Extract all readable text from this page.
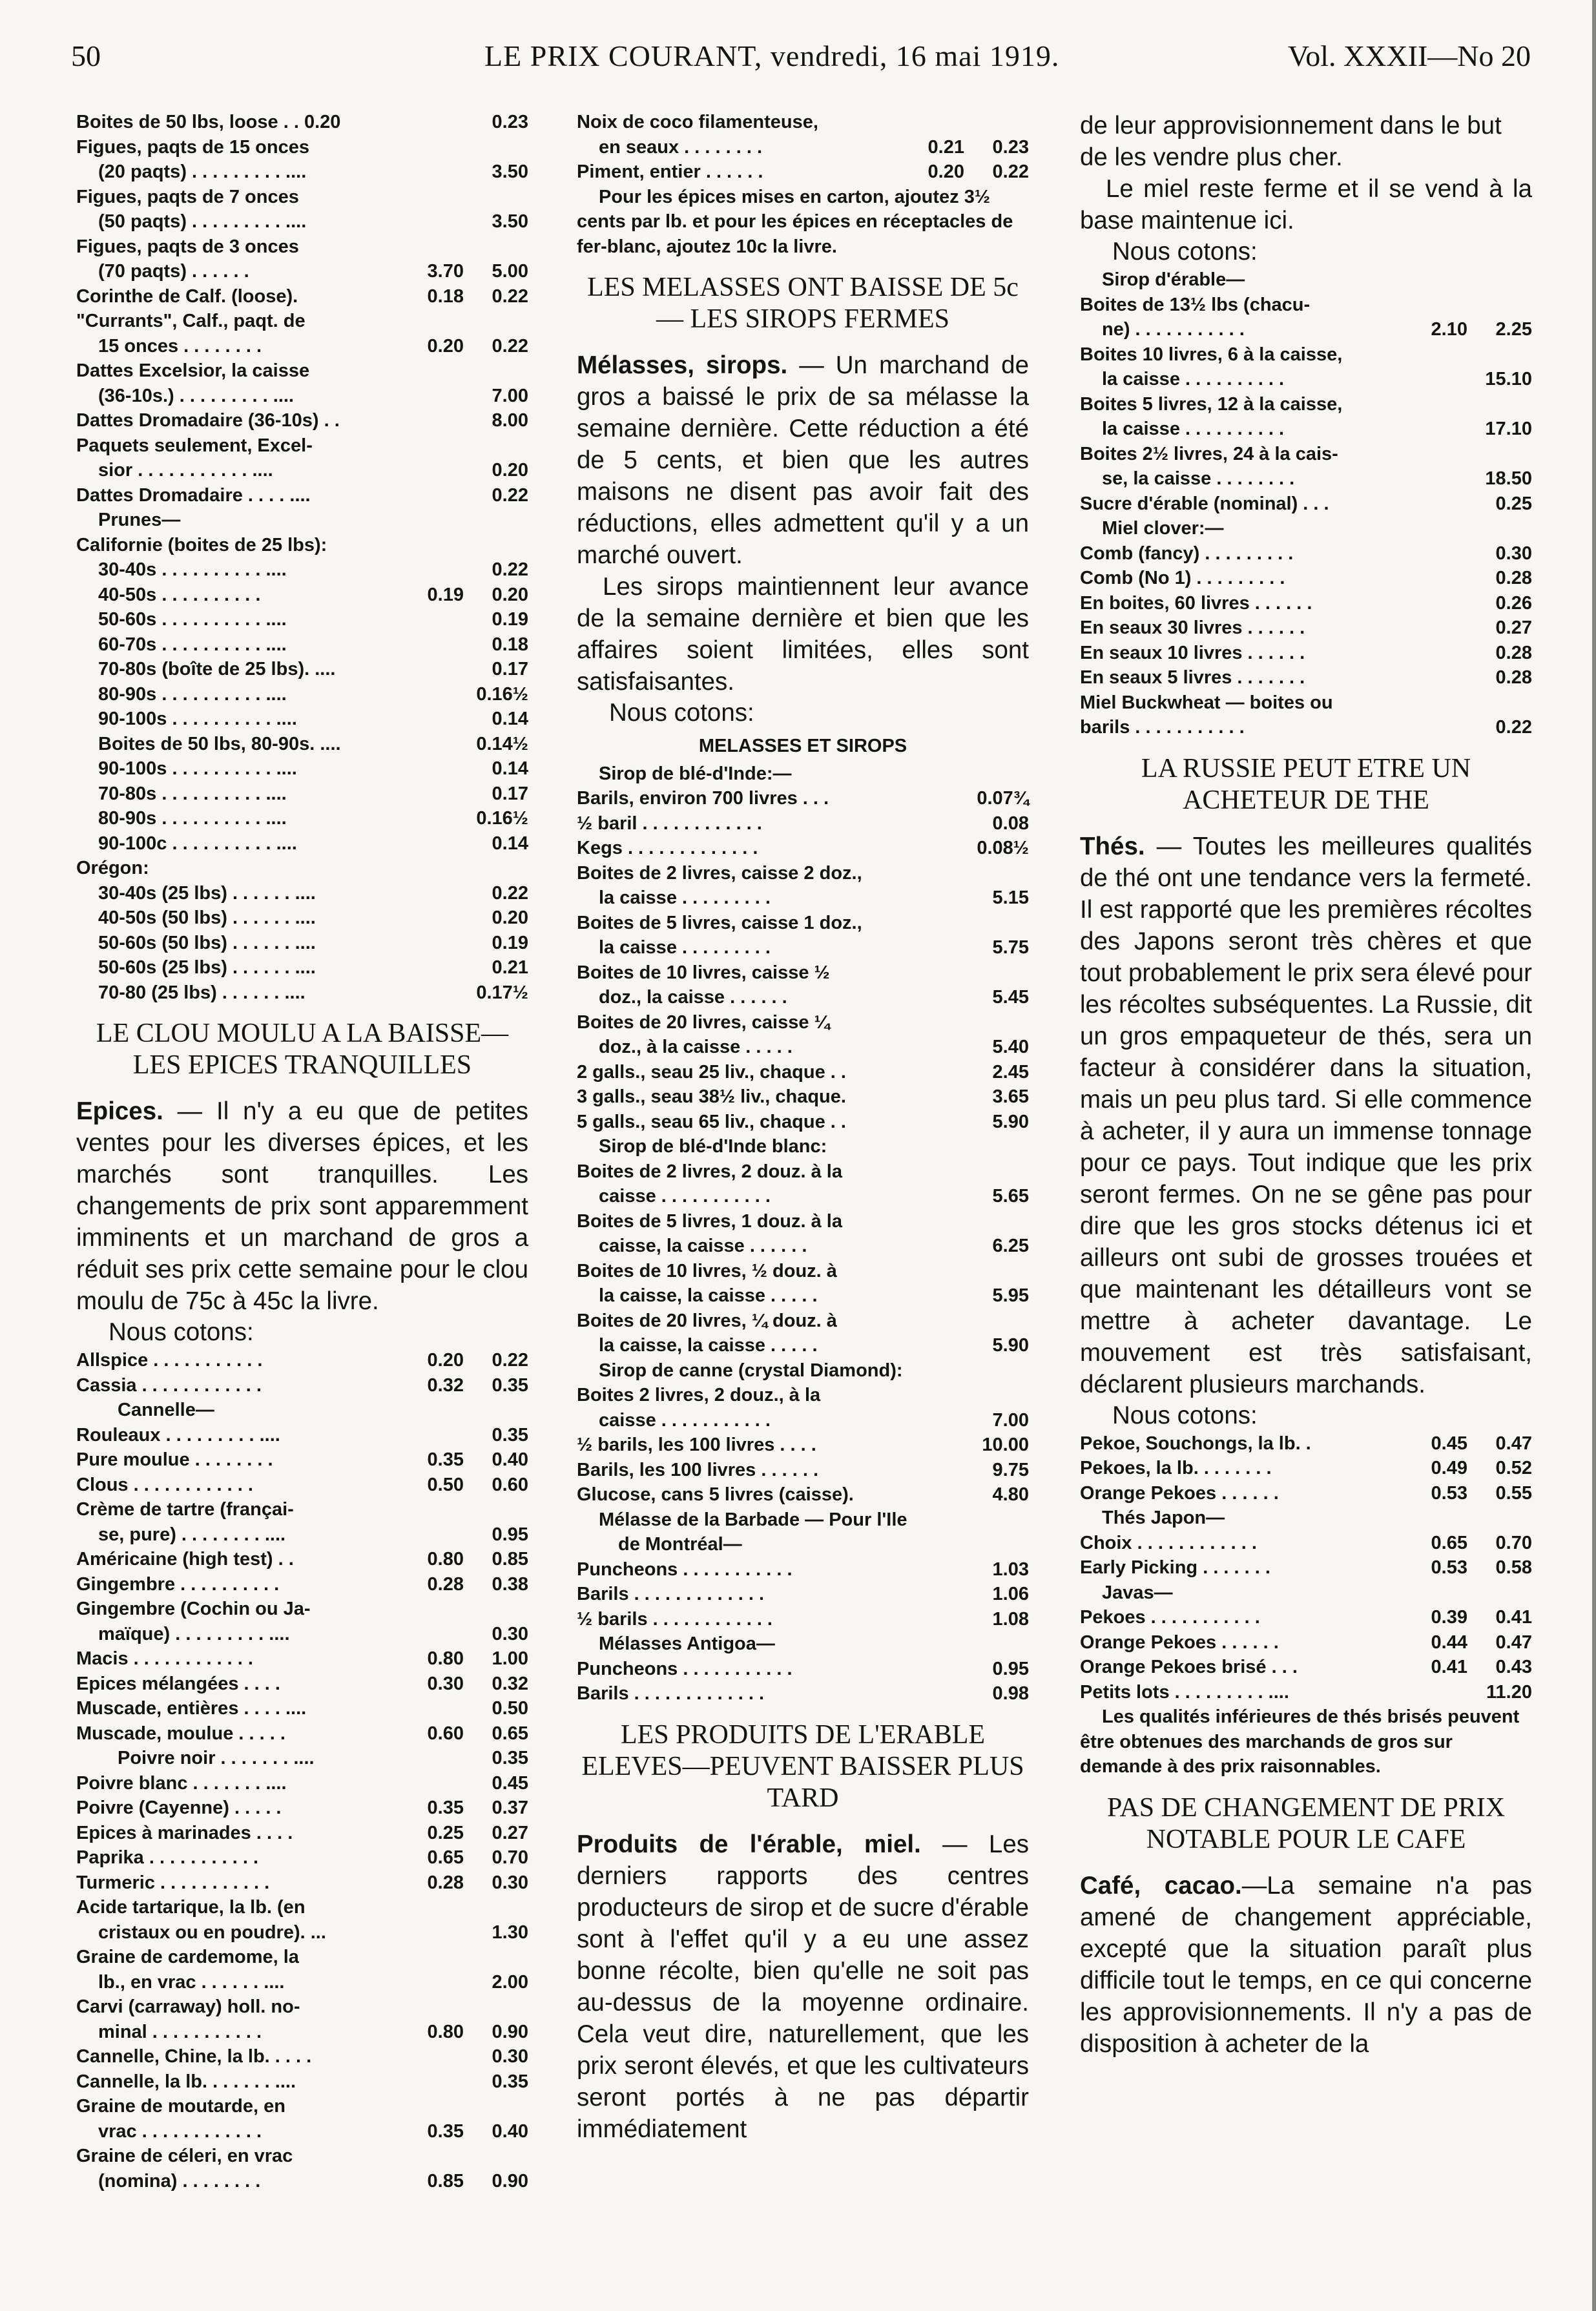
50	LE PRIX COURANT, vendredi, 16 mai 1919.	Vol. XXXII—No 20
Boites de 50 lbs, loose . . 0.20	0.23
Figues, paqts de 15 onces
(20 paqts) . . . . . . . . . ....	3.50
Figues, paqts de 7 onces
(50 paqts) . . . . . . . . . ....	3.50
Figues, paqts de 3 onces
(70 paqts) . . . . . .	3.70 5.00
Corinthe de Calf. (loose).	0.18 0.22
"Currants", Calf., paqt. de
15 onces . . . . . . . .	0.20 0.22
Dattes Excelsior, la caisse
(36-10s.) . . . . . . . . . ....	7.00
Dattes Dromadaire (36-10s) . .	8.00
Paquets seulement, Excel-
sior . . . . . . . . . . . ....	0.20
Dattes Dromadaire . . . . ....	0.22
Prunes—
Californie (boites de 25 lbs):
30-40s . . . . . . . . . . ....	0.22
40-50s . . . . . . . . . .	0.19 0.20
50-60s . . . . . . . . . . ....	0.19
60-70s . . . . . . . . . . ....	0.18
70-80s (boîte de 25 lbs). ....	0.17
80-90s . . . . . . . . . . ....	0.16½
90-100s . . . . . . . . . . ....	0.14
Boites de 50 lbs, 80-90s. ....	0.14½
90-100s . . . . . . . . . . ....	0.14
70-80s . . . . . . . . . . ....	0.17
80-90s . . . . . . . . . . ....	0.16½
90-100c . . . . . . . . . . ....	0.14
Orégon:
30-40s (25 lbs) . . . . . . ....	0.22
40-50s (50 lbs) . . . . . . ....	0.20
50-60s (50 lbs) . . . . . . ....	0.19
50-60s (25 lbs) . . . . . . ....	0.21
70-80 (25 lbs) . . . . . . ....	0.17½
LE CLOU MOULU A LA BAISSE—LES EPICES TRANQUILLES

Epices. — Il n'y a eu que de petites ventes pour les diverses épices, et les marchés sont tranquilles. Les changements de prix sont apparemment imminents et un marchand de gros a réduit ses prix cette semaine pour le clou moulu de 75c à 45c la livre.

Nous cotons:
Allspice . . . . . . . . . . .	0.20 0.22
Cassia . . . . . . . . . . . .	0.32 0.35
Cannelle—
Rouleaux . . . . . . . . . ....	0.35
Pure moulue . . . . . . . .	0.35 0.40
Clous . . . . . . . . . . . .	0.50 0.60
Crème de tartre (françai-
se, pure) . . . . . . . . ....	0.95
Américaine (high test) . .	0.80 0.85
Gingembre . . . . . . . . . .	0.28 0.38
Gingembre (Cochin ou Ja-
maïque) . . . . . . . . . ....	0.30
Macis . . . . . . . . . . . .	0.80 1.00
Epices mélangées . . . .	0.30 0.32
Muscade, entières . . . . ....	0.50
Muscade, moulue . . . . .	0.60 0.65
Poivre noir . . . . . . . ....	0.35
Poivre blanc . . . . . . . ....	0.45
Poivre (Cayenne) . . . . .	0.35 0.37
Epices à marinades . . . .	0.25 0.27
Paprika . . . . . . . . . . .	0.65 0.70
Turmeric . . . . . . . . . . .	0.28 0.30
Acide tartarique, la lb. (en
cristaux ou en poudre). ...	1.30
Graine de cardemome, la
lb., en vrac . . . . . . ....	2.00
Carvi (carraway) holl. no-
minal . . . . . . . . . . .	0.80 0.90
Cannelle, Chine, la lb. . . . .	0.30
Cannelle, la lb. . . . . . . ....	0.35
Graine de moutarde, en
vrac . . . . . . . . . . . .	0.35 0.40
Graine de céleri, en vrac
(nomina) . . . . . . . .	0.85 0.90
Noix de coco filamenteuse,
en seaux . . . . . . . .	0.21 0.23
Piment, entier . . . . . .	0.20 0.22
Pour les épices mises en carton, ajoutez 3½ cents par lb. et pour les épices en réceptacles de fer-blanc, ajoutez 10c la livre.
LES MELASSES ONT BAISSE DE 5c — LES SIROPS FERMES

Mélasses, sirops. — Un marchand de gros a baissé le prix de sa mélasse la semaine dernière. Cette réduction a été de 5 cents, et bien que les autres maisons ne disent pas avoir fait des réductions, elles admettent qu'il y a un marché ouvert.

Les sirops maintiennent leur avance de la semaine dernière et bien que les affaires soient limitées, elles sont satisfaisantes.

Nous cotons:
MELASSES ET SIROPS
Sirop de blé-d'Inde:—
Barils, environ 700 livres . . .	0.07¾
½ baril . . . . . . . . . . . .	0.08
Kegs . . . . . . . . . . . . .	0.08½
Boites de 2 livres, caisse 2 doz.,
la caisse . . . . . . . . .	5.15
Boites de 5 livres, caisse 1 doz.,
la caisse . . . . . . . . .	5.75
Boites de 10 livres, caisse ½
doz., la caisse . . . . . .	5.45
Boites de 20 livres, caisse ¼
doz., à la caisse . . . . .	5.40
2 galls., seau 25 liv., chaque . .	2.45
3 galls., seau 38½ liv., chaque.	3.65
5 galls., seau 65 liv., chaque . .	5.90
Sirop de blé-d'Inde blanc:
Boites de 2 livres, 2 douz. à la
caisse . . . . . . . . . . .	5.65
Boites de 5 livres, 1 douz. à la
caisse, la caisse . . . . . .	6.25
Boites de 10 livres, ½ douz. à
la caisse, la caisse . . . . .	5.95
Boites de 20 livres, ¼ douz. à
la caisse, la caisse . . . . .	5.90
Sirop de canne (crystal Diamond):
Boites 2 livres, 2 douz., à la
caisse . . . . . . . . . . .	7.00
½ barils, les 100 livres . . . .	10.00
Barils, les 100 livres . . . . . .	9.75
Glucose, cans 5 livres (caisse).	4.80
Mélasse de la Barbade — Pour l'Ile
de Montréal—
Puncheons . . . . . . . . . . .	1.03
Barils . . . . . . . . . . . . .	1.06
½ barils . . . . . . . . . . . .	1.08
Mélasses Antigoa—
Puncheons . . . . . . . . . . .	0.95
Barils . . . . . . . . . . . . .	0.98
LES PRODUITS DE L'ERABLE ELEVES—PEUVENT BAISSER PLUS TARD

Produits de l'érable, miel. — Les derniers rapports des centres producteurs de sirop et de sucre d'érable sont à l'effet qu'il y a eu une assez bonne récolte, bien qu'elle ne soit pas au-dessus de la moyenne ordinaire. Cela veut dire, naturellement, que les prix seront élevés, et que les cultivateurs seront portés à ne pas départir immédiatement

de leur approvisionnement dans le but de les vendre plus cher.

Le miel reste ferme et il se vend à la base maintenue ici.

Nous cotons:
Sirop d'érable—
Boites de 13½ lbs (chacu-
ne) . . . . . . . . . . .	2.10 2.25
Boites 10 livres, 6 à la caisse,
la caisse . . . . . . . . . .	15.10
Boites 5 livres, 12 à la caisse,
la caisse . . . . . . . . . .	17.10
Boites 2½ livres, 24 à la cais-
se, la caisse . . . . . . . .	18.50
Sucre d'érable (nominal) . . .	0.25
Miel clover:—
Comb (fancy) . . . . . . . . .	0.30
Comb (No 1) . . . . . . . . .	0.28
En boites, 60 livres . . . . . .	0.26
En seaux 30 livres . . . . . .	0.27
En seaux 10 livres . . . . . .	0.28
En seaux 5 livres . . . . . . .	0.28
Miel Buckwheat — boites ou
barils . . . . . . . . . . .	0.22
LA RUSSIE PEUT ETRE UN ACHETEUR DE THE

Thés. — Toutes les meilleures qualités de thé ont une tendance vers la fermeté. Il est rapporté que les premières récoltes des Japons seront très chères et que tout probablement le prix sera élevé pour les récoltes subséquentes. La Russie, dit un gros empaqueteur de thés, sera un facteur à considérer dans la situation, mais un peu plus tard. Si elle commence à acheter, il y aura un immense tonnage pour ce pays. Tout indique que les prix seront fermes. On ne se gêne pas pour dire que les gros stocks détenus ici et ailleurs ont subi de grosses trouées et que maintenant les détailleurs vont se mettre à acheter davantage. Le mouvement est très satisfaisant, déclarent plusieurs marchands.

Nous cotons:
Pekoe, Souchongs, la lb. .	0.45 0.47
Pekoes, la lb. . . . . . . .	0.49 0.52
Orange Pekoes . . . . . .	0.53 0.55
Thés Japon—
Choix . . . . . . . . . . . .	0.65 0.70
Early Picking . . . . . . .	0.53 0.58
Javas—
Pekoes . . . . . . . . . . .	0.39 0.41
Orange Pekoes . . . . . .	0.44 0.47
Orange Pekoes brisé . . .	0.41 0.43
Petits lots . . . . . . . . . ....	11.20
Les qualités inférieures de thés brisés peuvent être obtenues des marchands de gros sur demande à des prix raisonnables.
PAS DE CHANGEMENT DE PRIX NOTABLE POUR LE CAFE

Café, cacao.—La semaine n'a pas amené de changement appréciable, excepté que la situation paraît plus difficile tout le temps, en ce qui concerne les approvisionnements. Il n'y a pas de disposition à acheter de la
